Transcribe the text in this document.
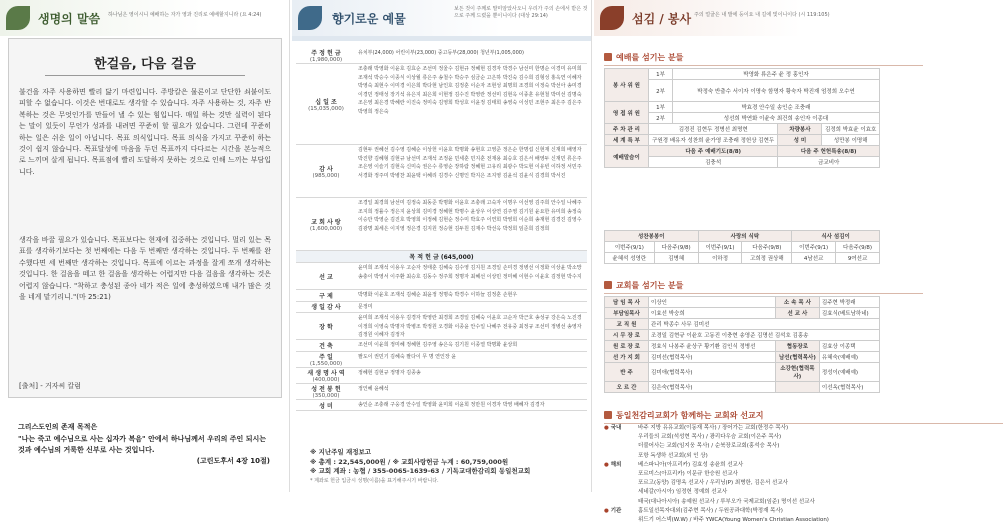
생명의 말씀 하나님은 영이시니 예배하는 자가 영과 진리로 예배할지니라 (요 4:24)
한걸음, 다음 걸음
불건을 자주 사용하면 빨리 닳기 마련입니다. 주방칼은 물론이고 단단한 쇠붙이도 피할 수 없습니다. 이것은 번대로도 생각할 수 있습니다. 자주 사용하는 것, 자주 반복하는 것은 무엇인가를 만들어 낼 수 있는 힘입니다. 매일 하는 것만 실력이 된다는 말이 있듯이 무언가 성과를 내려면 꾸준히 할 필요가 있습니다. 그런데 꾸준히 하는 일은 쉬운 일이 아닙니다. 목표 의식입니다. 목표 의식을 가지고 꾸준히 하는 것이 쉽지 않습니다. 목표달성에 마음을 두던 목표까지 다다르는 시간을 본능적으로 느끼며 살게 됩니다. 목표점에 빨리 도달하지 못하는 것으로 인해 느끼는 부담입니다.
생각을 바꿀 필요가 있습니다. 목표보다는 현재에 집중하는 것입니다. 멀리 있는 목표를 생각하기보다는 첫 번째에는 다음 두 번째만 생각하는 것입니다. 두 번째를 완수했다면 세 번째만 생각하는 것입니다. 목표에 이르는 과정을 잘게 쪼개 생각하는 것입니다. 한 걸음을 떼고 한 걸음을 생각하는 어렵지만 다음 걸음을 생각하는 것은 어렵지 않습니다. "착하고 충성된 종아 네가 적은 일에 충성하였으매 내가 많은 것을 네게 맡기리니."(마 25:21)
[출처] - 거자씨 칼럼
그리스도인의 존재 목적은
"나는 죽고 예수님으로 사는 십자가 복음" 안에서 하나님께서 우리의 주인 되시는 것과 예수님의 거룩한 신부로 사는 것입니다.
(고린도후서 4장 10절)
향기로운 예물
보든 것이 주께로 말미암았사오니 우리가 주의 손에서 받은 것으로 주께 드렸을 뿐이니이다 (대상 29:14)
주 정 헌 금
(1,980,000)
유치부(24,000) 어린이부(23,000) 중고등부(28,000) 청년부(1,005,000)
십 일 조
(15,035,000)
조충래 박영화 이윤호 김효순 조선미 정울수 김현규 정혜현 김경자 박경수 남선미 한명순 이경미 유미희 조재석 박승수 이종식 이상월 류은주 송철수 박승주 심금순 고은하 박진숙 김수희 김형성 홍옥연 이혜자 박영숙 최현수 이미경 이은희 박다현 남인호 김정훈 이순자 조현성 최명희 조경희 이정숙 박선아 송미경 이경민 정태성 장기석 유은지 최은희 이현정 김수진 박영란 정선미 김현옥 이종훈 유현철 박미선 김명숙 조은영 최은경 박혜란 이진숙 정미숙 김영희 박성호 이윤정 김태희 송영숙 이성민 조현주 최은주 김은주 박영희 정은숙
감 사
(985,000)
김현두 권혜선 김수영 김혜순 이상헌 이윤호 박명화 송현호 고영준 정은순 한명섭 신현재 신재희 배영자 박진향 김혜형 김현규 남선미 조재석 조정윤 민세훈 민지훈 전재용 최승호 김은서 배영두 신재민 류은주 조은영 이슬기 김현옥 신미숙 권은수 류영순 장하람 정혜현 고유리 최광수 박도현 이유빈 이하정 서민주 서경화 정주미 박병찬 최윤택 이혜리 김경수 신명인 박지은 조지영 김윤석 김윤식 김경희 박서진
교 회 사 랑
(1,600,000)
조경일 최경희 남선미 김정숙 최동준 박명화 이윤호 조충래 고숙자 이명우 이선영 김주희 안수일 나혜주 조지희 정률수 정은지 윤상희 김미경 정혜현 박명수 윤상우 이상연 김주영 김기원 윤요한 유미희 송정숙 이승만 박영순 김진호 박영희 이정혜 김현순 정수미 박효주 이연희 박영희 이순희 송재현 김경진 김영수 김광명 최세은 이지영 정은경 김지원 정승현 김두원 김재수 박선옥 박정희 임준희 김정희
목 적 헌 금 (645,000)
선 교
윤미희 조재석 이용우 고순자 정태훈 김혜숙 김수영 김지원 조경일 손미경 정병선 이정화 이상윤 박소망 송충이 박영서 이주환 최승호 김동수 정주희 정명자 최혜선 이상민 정미혜 이현수 이윤호 김정현 박수지
구 제	박명화 이윤호 조재석 김혜순 최윤정 정명숙 박경수 이하늘 김정훈 손현우
생 일 감 사	문정미
장 학
윤미희 조재석 이용우 김경자 박영란 최경희 조경일 김혜숙 이윤호 고순자 박근호 송성규 강은숙 노진경 이정희 이영숙 박명자 박병조 박정원 오경화 이종윤 안수일 나혜주 전유중 최정규 조선미 정병선 송영자 김정원 이혜자 김정자
건 축	조선미 이윤희 정미혜 정혜현 김주영 송은옥 김기원 이종열 박명화 윤상희
주 일
(1,550,000)
팔도이 권민기 김혜숙 팔다이 무 명 연인장 윤
새 생 명 사 역
(400,000)
정혜현 김현규 정명자 김종송
성 전 봉 헌
(350,000)
정인혜 윤혜석
성 미	송인순 조충래 구웅경 안수일 박영화 윤미희 이윤희 정만원 이경자 박영 배혜자 김경자
※ 지난주일 재정보고
※ 총계 : 22,545,000원 / ※ 교회사랑헌금 누계 : 60,759,000원
※ 교회 계좌 : 농협 / 355-0065-1639-63 / 기독교대한감리회 동일천교회
* 계좌로 헌금 입금시 성명(이름)을 표기해주시기 바랍니다.
섬김 / 봉사 주의 얼굴은 내 발에 등이요 내 길에 빛이니이다 (시 119:105)
예배를 섬기는 분들
봉 사 위 원	1부	박영화 류은주 윤 정 홍인자		
	2부	박정숙 반출수 서이자 이명숙 함명자 황숙자 박진재 엄정희 오수연		
영 접 위 원	1부	박효경 안수일 송인순 조충래		
	2부	성선희 박연화 이윤숙 최건희 송인자 이종대		
주 차 관 리	김경진 김현두 정병선 최명현		차량봉사	김정희 박효윤 이효호
세 계 특 부	구원경 배유자 성찬희 윤가영 조충래 정헌상 김현두		성 미	성만봉 이명해
예배말슴이	다음 주 예배기도(8/8)		다음 주 헌헌특송(8/8)	
	김충석		금교비아	
성찬봉봉이		사랑의 식탁		식사 섬김이	
이번주(9/1)	다음주(9/8)	이번주(9/1)	다음주(9/8)	이번주(9/1)	다음주(9/8)
윤혜석 성영란	김병혜	이하정	고희정 권상해	4남선교	9여선교
교회를 섬기는 분들
담 임 목 사	이상인	소 속 목 사	김주현 박정래
부담임목사	이효선 박숭희	선 교 사	김효식(베트남하네)
교 직 원	관리 박종수 사무 김미선		
시 무 장 로	조경일 김현규 이윤호 고동진 이충현 송영준 김명선 김석호 김홍송		
원 로 장 로	정효식 나봉주 윤상구 황기환 김인식 정병선	협동장로	김효상 이종택
선 가 지 회	김미선(협력목사)	남선(협력목사)	유혜숙(예배예)
반 주	김미애(협력목사)	소강현(협력목사)	정성이(예배예)
오 르 간	김은숙(협력목사)		이선옥(협력목사)
동일천감리교회가 함께하는 교회와 선교지
● 국내	바주 지방 유유교회(이동재 목사) / 장어가는 교회(한정수 목사)
우리들의 교회(석성현 목사) / 광리다우슴 교회(이은주 목사)
더불어사는 교회(임지웅 목사) / 순북장로교회(홍석승 목사)
포항 독생하 선교회(외 인 상)
● 해외	베스파니아(아프리카) 김효성 송윤희 선교사
포르미스(아프리카) 이문규 한승원 선교사
포르고(동양) 김명옥 선교사 / 우리닝(P) 최병한, 김은서 선교사
세네갈(아시아) 임정헌 정예희 선교사
태국(대나아시아) 송예원 선교사 / 루부오가 국제교회(임준) 명이선 선교사
● 기관	홈트일선목자대외(김주현 목사) / 두원공과대학(박정재 목사)
위드기 어스넥(W.W) / 바주 YWCA(Young Women's Christian Association)
